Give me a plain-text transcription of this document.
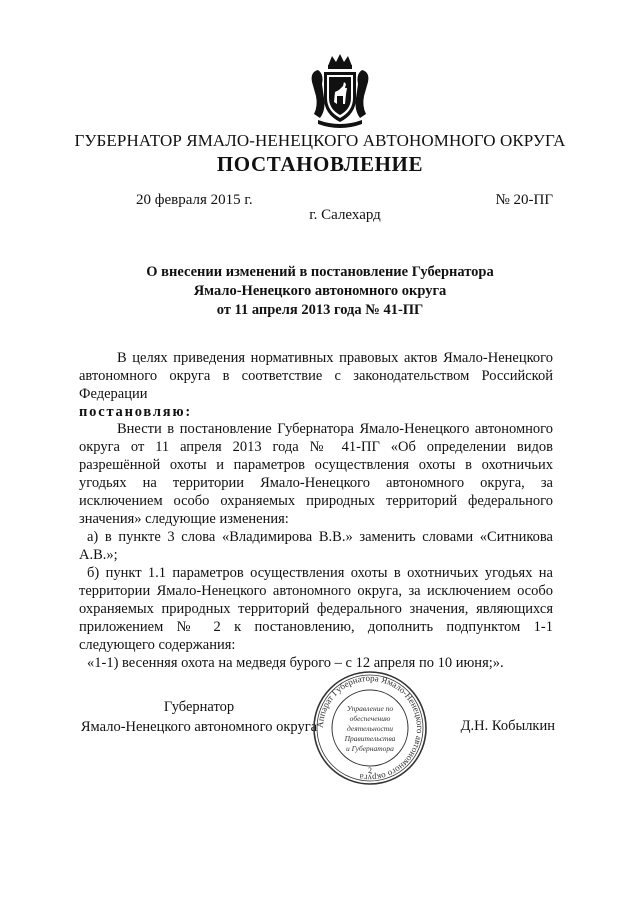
ГУБЕРНАТОР ЯМАЛО-НЕНЕЦКОГО АВТОНОМНОГО ОКРУГА
ПОСТАНОВЛЕНИЕ
20 февраля 2015 г.	№ 20-ПГ
г. Салехард
О внесении изменений в постановление Губернатора
Ямало-Ненецкого автономного округа
от 11 апреля 2013 года № 41-ПГ

В целях приведения нормативных правовых актов Ямало-Ненецкого автономного округа в соответствие с законодательством Российской Федерации

постановляю:

Внести в постановление Губернатора Ямало-Ненецкого автономного округа от 11 апреля 2013 года № 41-ПГ «Об определении видов разрешённой охоты и параметров осуществления охоты в охотничьих угодьях на территории Ямало-Ненецкого автономного округа, за исключением особо охраняемых природных территорий федерального значения» следующие изменения:

а) в пункте 3 слова «Владимирова В.В.» заменить словами «Ситникова А.В.»;

б) пункт 1.1 параметров осуществления охоты в охотничьих угодьях на территории Ямало-Ненецкого автономного округа, за исключением особо охраняемых природных территорий федерального значения, являющихся приложением № 2 к постановлению, дополнить подпунктом 1-1 следующего содержания:

«1-1) весенняя охота на медведя бурого – с 12 апреля по 10 июня;».

Губернатор
Ямало-Ненецкого автономного округа	Д.Н. Кобылкин
Аппарат Губернатора Ямало-Ненецкого автономного округа
Управление по
обеспечению
деятельности
Правительства
и Губернатора
2
